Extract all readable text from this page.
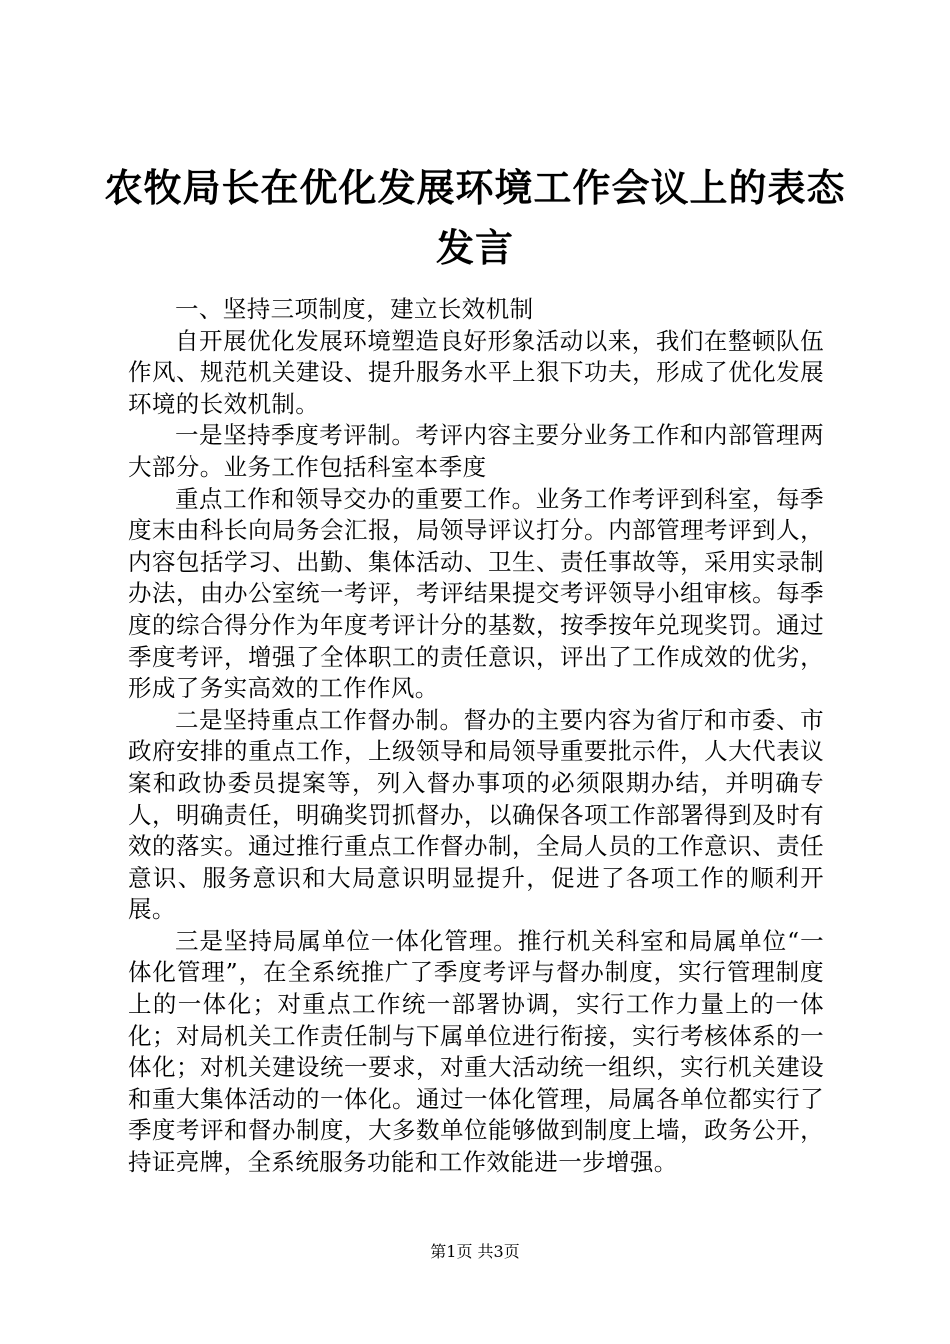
农牧局长在优化发展环境工作会议上的表态发言

一、坚持三项制度，建立长效机制

自开展优化发展环境塑造良好形象活动以来，我们在整顿队伍作风、规范机关建设、提升服务水平上狠下功夫，形成了优化发展环境的长效机制。

一是坚持季度考评制。考评内容主要分业务工作和内部管理两大部分。业务工作包括科室本季度

重点工作和领导交办的重要工作。业务工作考评到科室，每季度末由科长向局务会汇报，局领导评议打分。内部管理考评到人，内容包括学习、出勤、集体活动、卫生、责任事故等，采用实录制办法，由办公室统一考评，考评结果提交考评领导小组审核。每季度的综合得分作为年度考评计分的基数，按季按年兑现奖罚。通过季度考评，增强了全体职工的责任意识，评出了工作成效的优劣，形成了务实高效的工作作风。

二是坚持重点工作督办制。督办的主要内容为省厅和市委、市政府安排的重点工作，上级领导和局领导重要批示件，人大代表议案和政协委员提案等，列入督办事项的必须限期办结，并明确专人，明确责任，明确奖罚抓督办，以确保各项工作部署得到及时有效的落实。通过推行重点工作督办制，全局人员的工作意识、责任意识、服务意识和大局意识明显提升，促进了各项工作的顺利开展。

三是坚持局属单位一体化管理。推行机关科室和局属单位“一体化管理”，在全系统推广了季度考评与督办制度，实行管理制度上的一体化；对重点工作统一部署协调，实行工作力量上的一体化；对局机关工作责任制与下属单位进行衔接，实行考核体系的一体化；对机关建设统一要求，对重大活动统一组织，实行机关建设和重大集体活动的一体化。通过一体化管理，局属各单位都实行了季度考评和督办制度，大多数单位能够做到制度上墙，政务公开，持证亮牌，全系统服务功能和工作效能进一步增强。

第1页 共3页
